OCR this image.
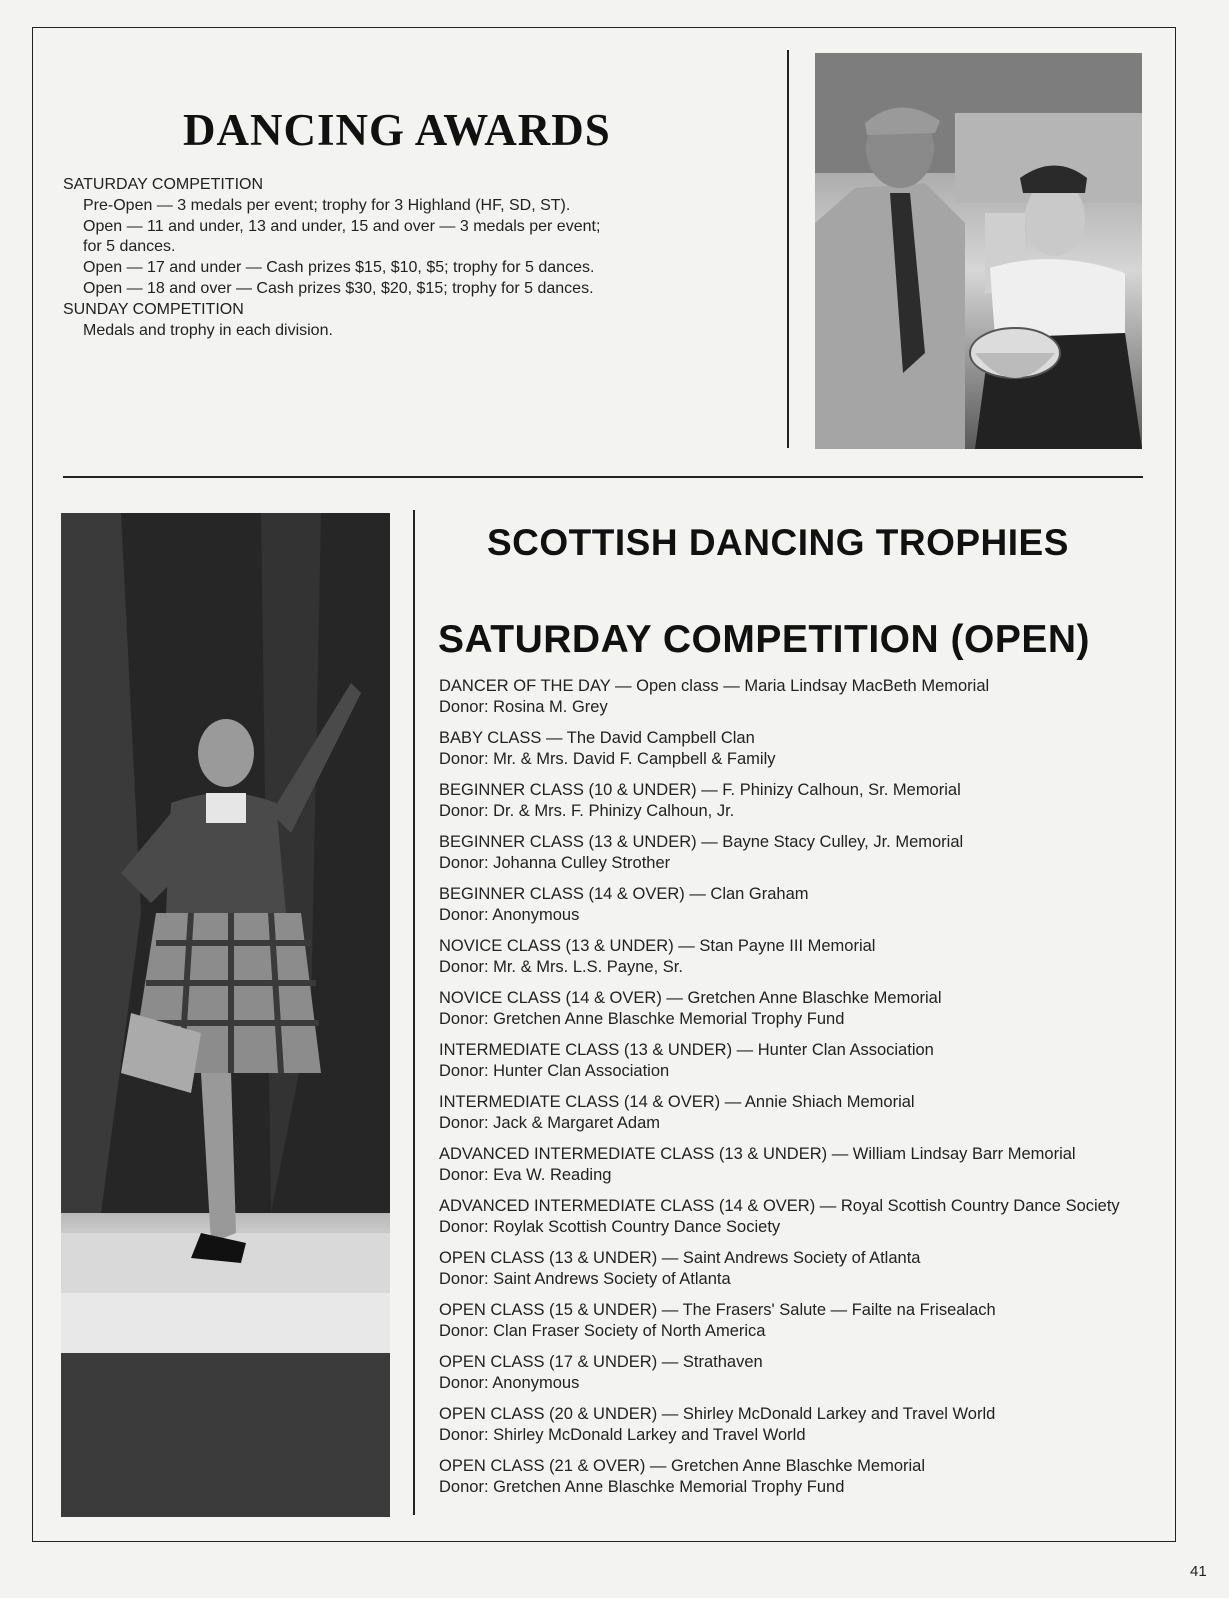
DANCING AWARDS
SATURDAY COMPETITION
Pre-Open — 3 medals per event; trophy for 3 Highland (HF, SD, ST).
Open — 11 and under, 13 and under, 15 and over — 3 medals per event;
for 5 dances.
Open — 17 and under — Cash prizes $15, $10, $5; trophy for 5 dances.
Open — 18 and over — Cash prizes $30, $20, $15; trophy for 5 dances.
SUNDAY COMPETITION
Medals and trophy in each division.
SCOTTISH DANCING TROPHIES
SATURDAY COMPETITION (OPEN)
DANCER OF THE DAY — Open class — Maria Lindsay MacBeth Memorial
Donor: Rosina M. Grey
BABY CLASS — The David Campbell Clan
Donor: Mr. & Mrs. David F. Campbell & Family
BEGINNER CLASS (10 & UNDER) — F. Phinizy Calhoun, Sr. Memorial
Donor: Dr. & Mrs. F. Phinizy Calhoun, Jr.
BEGINNER CLASS (13 & UNDER) — Bayne Stacy Culley, Jr. Memorial
Donor: Johanna Culley Strother
BEGINNER CLASS (14 & OVER) — Clan Graham
Donor: Anonymous
NOVICE CLASS (13 & UNDER) — Stan Payne III Memorial
Donor: Mr. & Mrs. L.S. Payne, Sr.
NOVICE CLASS (14 & OVER) — Gretchen Anne Blaschke Memorial
Donor: Gretchen Anne Blaschke Memorial Trophy Fund
INTERMEDIATE CLASS (13 & UNDER) — Hunter Clan Association
Donor: Hunter Clan Association
INTERMEDIATE CLASS (14 & OVER) — Annie Shiach Memorial
Donor: Jack & Margaret Adam
ADVANCED INTERMEDIATE CLASS (13 & UNDER) — William Lindsay Barr Memorial
Donor: Eva W. Reading
ADVANCED INTERMEDIATE CLASS (14 & OVER) — Royal Scottish Country Dance Society
Donor: Roylak Scottish Country Dance Society
OPEN CLASS (13 & UNDER) — Saint Andrews Society of Atlanta
Donor: Saint Andrews Society of Atlanta
OPEN CLASS (15 & UNDER) — The Frasers' Salute — Failte na Frisealach
Donor: Clan Fraser Society of North America
OPEN CLASS (17 & UNDER) — Strathaven
Donor: Anonymous
OPEN CLASS (20 & UNDER) — Shirley McDonald Larkey and Travel World
Donor: Shirley McDonald Larkey and Travel World
OPEN CLASS (21 & OVER) — Gretchen Anne Blaschke Memorial
Donor: Gretchen Anne Blaschke Memorial Trophy Fund
41
